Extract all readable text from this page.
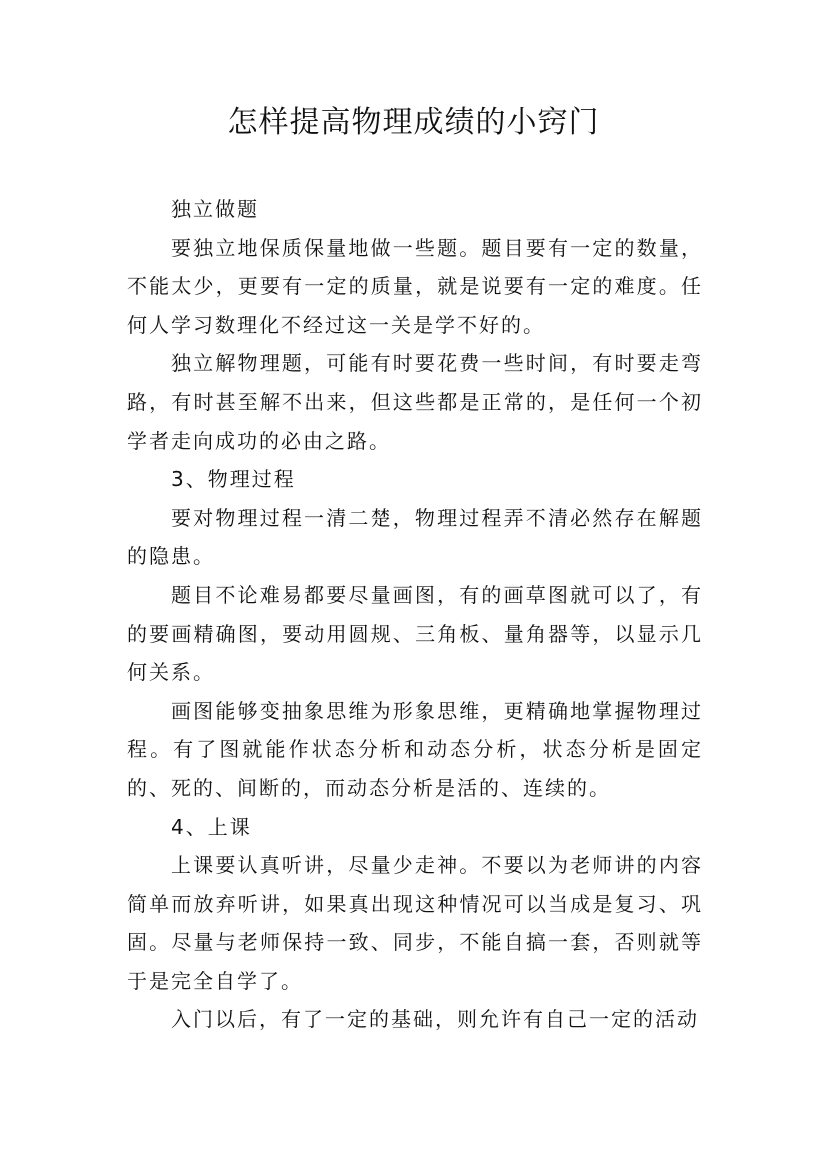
怎样提高物理成绩的小窍门

独立做题

要独立地保质保量地做一些题。题目要有一定的数量，不能太少，更要有一定的质量，就是说要有一定的难度。任何人学习数理化不经过这一关是学不好的。

独立解物理题，可能有时要花费一些时间，有时要走弯路，有时甚至解不出来，但这些都是正常的，是任何一个初学者走向成功的必由之路。

3、物理过程

要对物理过程一清二楚，物理过程弄不清必然存在解题的隐患。

题目不论难易都要尽量画图，有的画草图就可以了，有的要画精确图，要动用圆规、三角板、量角器等，以显示几何关系。

画图能够变抽象思维为形象思维，更精确地掌握物理过程。有了图就能作状态分析和动态分析，状态分析是固定的、死的、间断的，而动态分析是活的、连续的。

4、上课

上课要认真听讲，尽量少走神。不要以为老师讲的内容简单而放弃听讲，如果真出现这种情况可以当成是复习、巩固。尽量与老师保持一致、同步，不能自搞一套，否则就等于是完全自学了。

入门以后，有了一定的基础，则允许有自己一定的活动
